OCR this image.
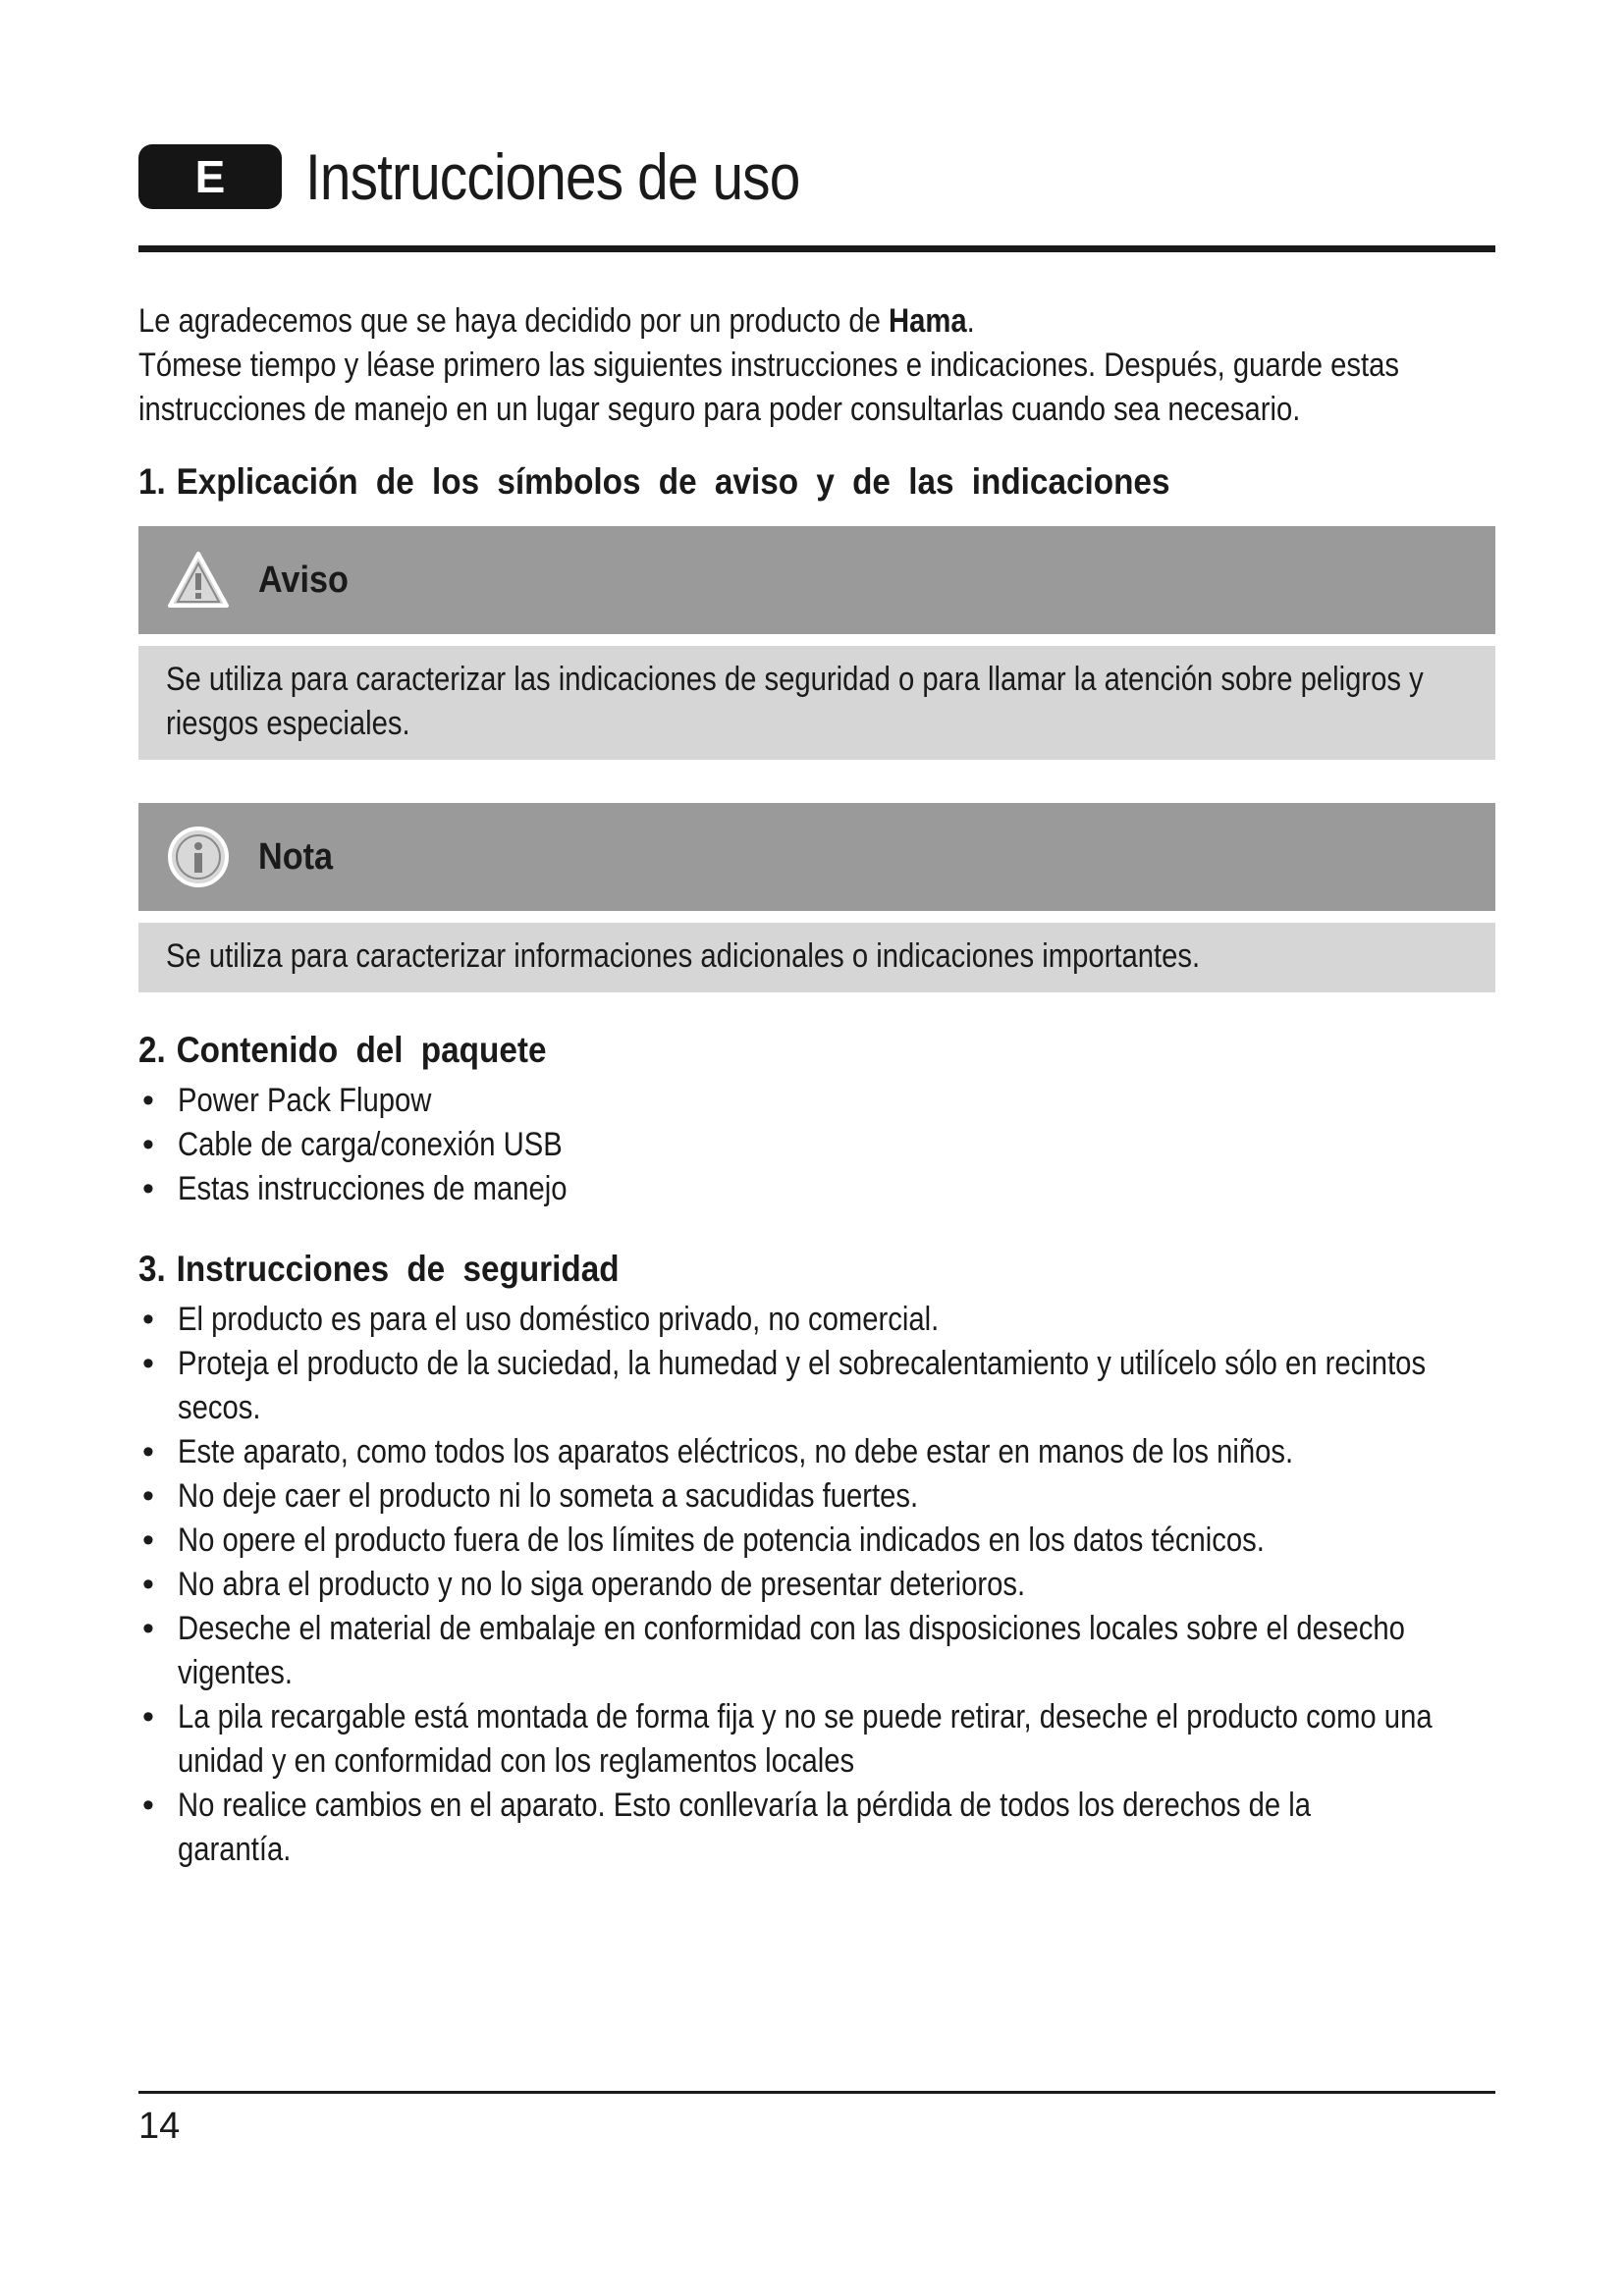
E	Instrucciones de uso

Le agradecemos que se haya decidido por un producto de Hama.

Tómese tiempo y léase primero las siguientes instrucciones e indicaciones. Después, guarde estas instrucciones de manejo en un lugar seguro para poder consultarlas cuando sea necesario.

1. Explicación de los símbolos de aviso y de las indicaciones
Aviso
Se utiliza para caracterizar las indicaciones de seguridad o para llamar la atención sobre peligros y riesgos especiales.
Nota
Se utiliza para caracterizar informaciones adicionales o indicaciones importantes.
2. Contenido del paquete
• Power Pack Flupow
• Cable de carga/conexión USB
• Estas instrucciones de manejo
3. Instrucciones de seguridad
• El producto es para el uso doméstico privado, no comercial.
• Proteja el producto de la suciedad, la humedad y el sobrecalentamiento y utilícelo sólo en recintos secos.
• Este aparato, como todos los aparatos eléctricos, no debe estar en manos de los niños.
• No deje caer el producto ni lo someta a sacudidas fuertes.
• No opere el producto fuera de los límites de potencia indicados en los datos técnicos.
• No abra el producto y no lo siga operando de presentar deterioros.
• Deseche el material de embalaje en conformidad con las disposiciones locales sobre el desecho vigentes.
• La pila recargable está montada de forma fija y no se puede retirar, deseche el producto como una unidad y en conformidad con los reglamentos locales
• No realice cambios en el aparato. Esto conllevaría la pérdida de todos los derechos de la garantía.
14
